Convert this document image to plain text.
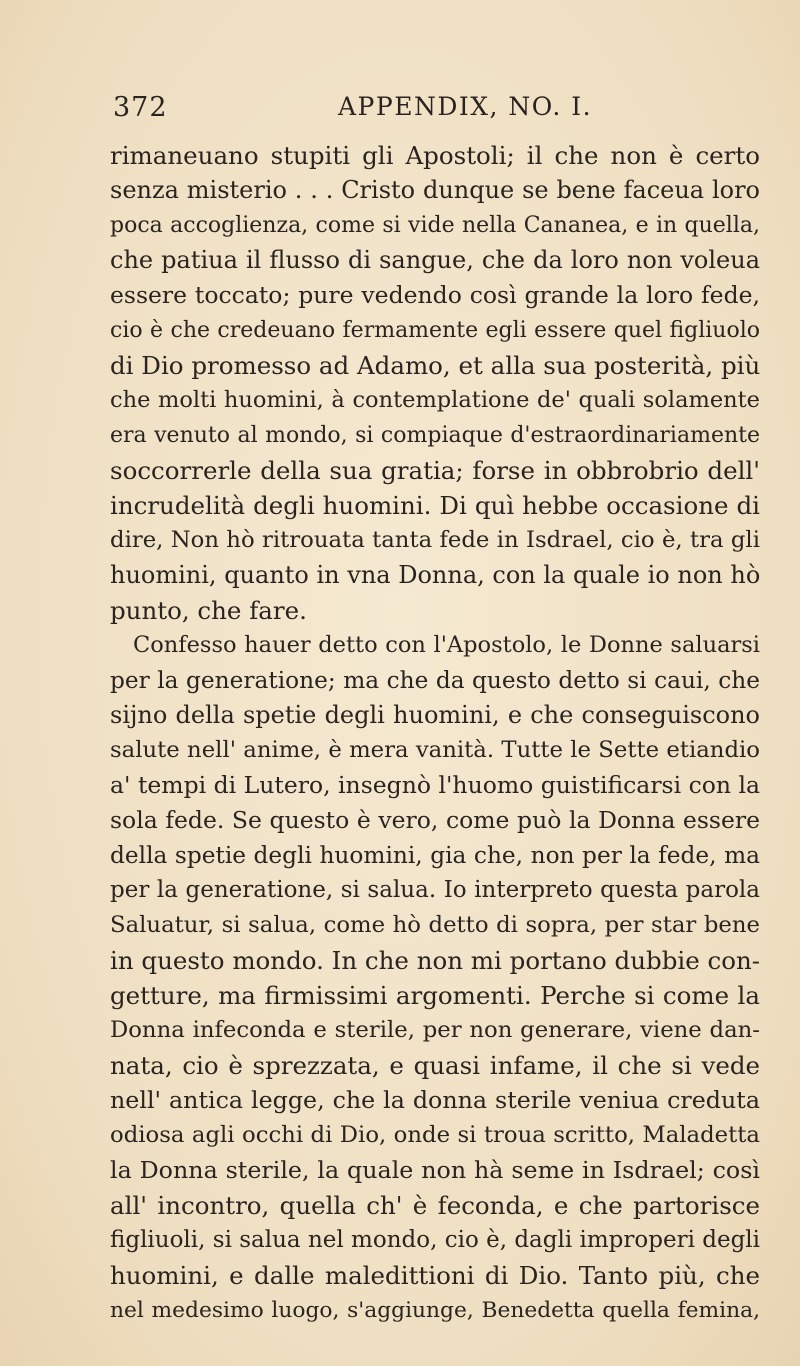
372	APPENDIX, NO. I.
rimaneuano stupiti gli Apostoli; il che non è certo
senza misterio . . . Cristo dunque se bene faceua loro
poca accoglienza, come si vide nella Cananea, e in quella,
che patiua il flusso di sangue, che da loro non voleua
essere toccato; pure vedendo così grande la loro fede,
cio è che credeuano fermamente egli essere quel figliuolo
di Dio promesso ad Adamo, et alla sua posterità, più
che molti huomini, à contemplatione de' quali solamente
era venuto al mondo, si compiaque d'estraordinariamente
soccorrerle della sua gratia; forse in obbrobrio dell'
incrudelità degli huomini. Di quì hebbe occasione di
dire, Non hò ritrouata tanta fede in Isdrael, cio è, tra gli
huomini, quanto in vna Donna, con la quale io non hò
punto, che fare.
Confesso hauer detto con l'Apostolo, le Donne saluarsi
per la generatione; ma che da questo detto si caui, che
sijno della spetie degli huomini, e che conseguiscono
salute nell' anime, è mera vanità. Tutte le Sette etiandio
a' tempi di Lutero, insegnò l'huomo guistificarsi con la
sola fede. Se questo è vero, come può la Donna essere
della spetie degli huomini, gia che, non per la fede, ma
per la generatione, si salua. Io interpreto questa parola
Saluatur, si salua, come hò detto di sopra, per star bene
in questo mondo. In che non mi portano dubbie con-
getture, ma firmissimi argomenti. Perche si come la
Donna infeconda e sterile, per non generare, viene dan-
nata, cio è sprezzata, e quasi infame, il che si vede
nell' antica legge, che la donna sterile veniua creduta
odiosa agli occhi di Dio, onde si troua scritto, Maladetta
la Donna sterile, la quale non hà seme in Isdrael; così
all' incontro, quella ch' è feconda, e che partorisce
figliuoli, si salua nel mondo, cio è, dagli improperi degli
huomini, e dalle maledittioni di Dio. Tanto più, che
nel medesimo luogo, s'aggiunge, Benedetta quella femina,
